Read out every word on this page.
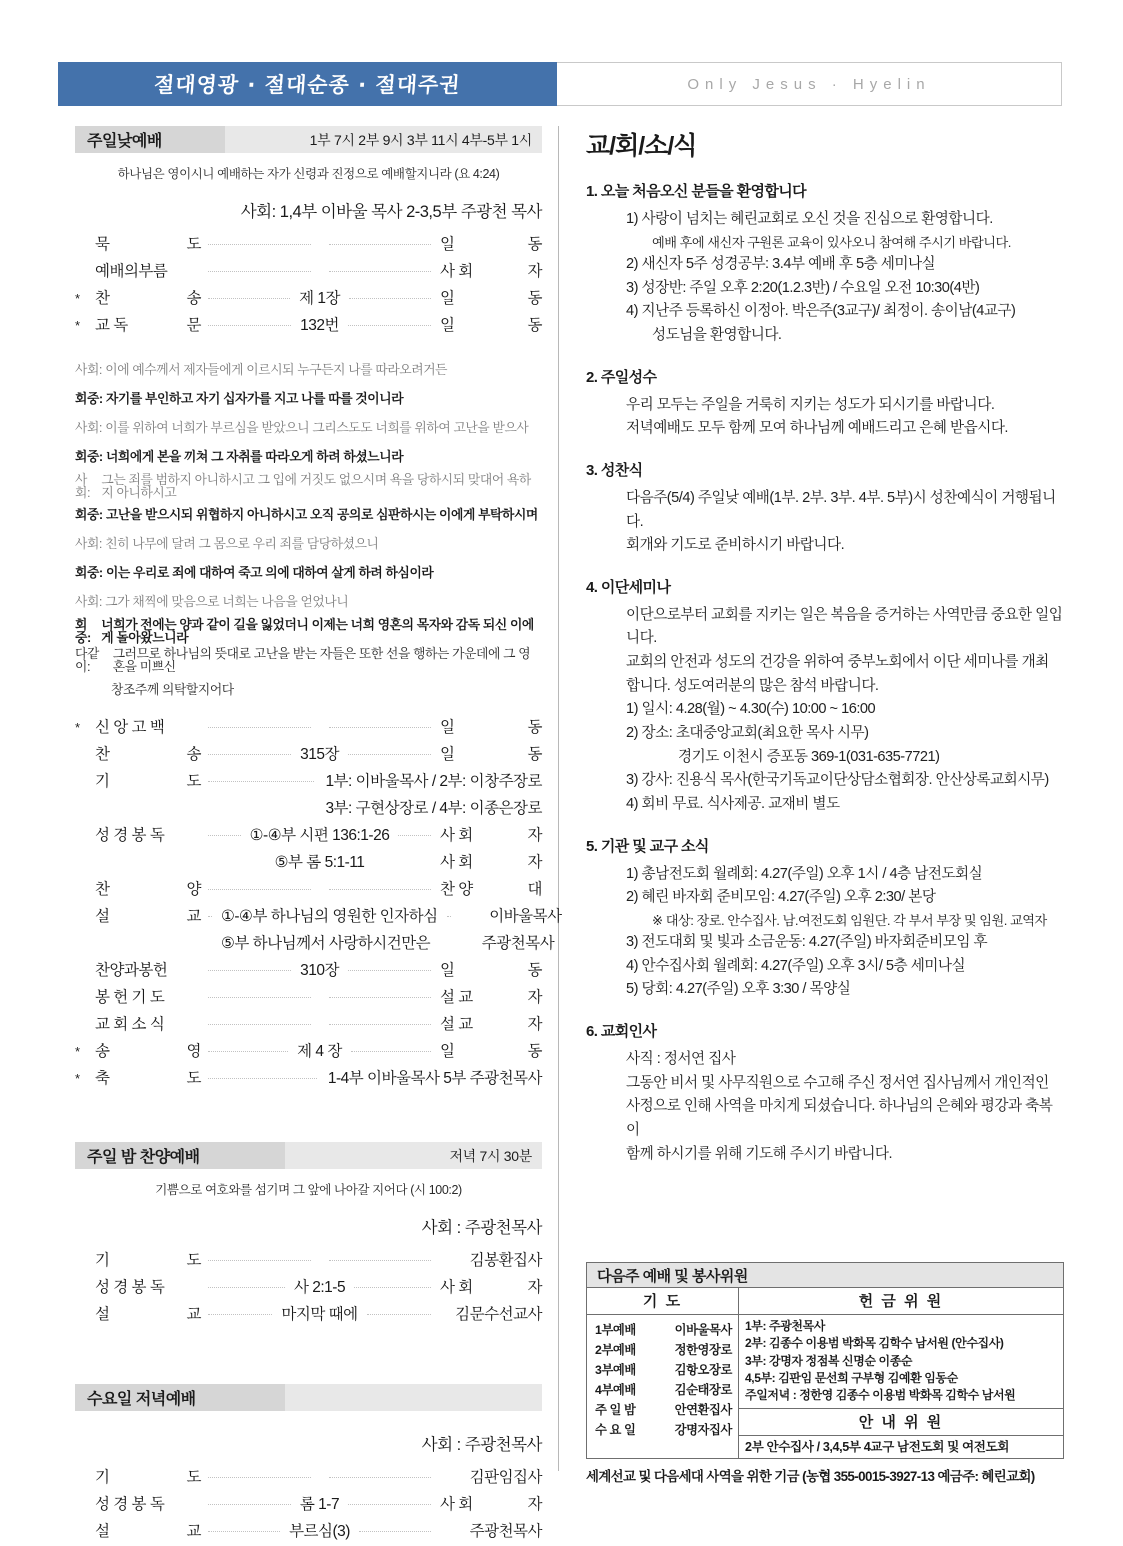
절대영광 · 절대순종 · 절대주권	Only Jesus · Hyelin
주일낮예배	1부 7시 2부 9시 3부 11시 4부-5부 1시
하나님은 영이시니 예배하는 자가 신령과 진정으로 예배할지니라 (요 4:24)
사회: 1,4부 이바울 목사 2-3,5부 주광천 목사
묵	도	일	동
예배의부름	사 회	자
* 찬	송	제 1장	일	동
* 교 독	문	132번	일	동
사회: 이에 예수께서 제자들에게 이르시되 누구든지 나를 따라오려거든
회중: 자기를 부인하고 자기 십자가를 지고 나를 따를 것이니라
사회: 이를 위하여 너희가 부르심을 받았으니 그리스도도 너희를 위하여 고난을 받으사
회중: 너희에게 본을 끼쳐 그 자취를 따라오게 하려 하셨느니라
사회:
그는 죄를 범하지 아니하시고 그 입에 거짓도 없으시며 욕을 당하시되 맞대어 욕하지 아니하시고
회중: 고난을 받으시되 위협하지 아니하시고 오직 공의로 심판하시는 이에게 부탁하시며
사회: 친히 나무에 달려 그 몸으로 우리 죄를 담당하셨으니
회중: 이는 우리로 죄에 대하여 죽고 의에 대하여 살게 하려 하심이라
사회: 그가 채찍에 맞음으로 너희는 나음을 얻었나니
회중:
너희가 전에는 양과 같이 길을 잃었더니 이제는 너희 영혼의 목자와 감독 되신 이에게 돌아왔느니라
다같이:
그러므로 하나님의 뜻대로 고난을 받는 자들은 또한 선을 행하는 가운데에 그 영혼을 미쁘신
창조주께 의탁할지어다
* 신 앙 고 백	일	동
찬	송	315장	일	동
기	도	1부: 이바울목사 / 2부: 이창주장로
3부: 구현상장로 / 4부: 이종은장로
성 경 봉 독	①-④부 시편 136:1-26	사 회	자
⑤부 롬 5:1-11	사 회	자
찬	양	찬 양	대
설	교	①-④부 하나님의 영원한 인자하심	이바울목사
⑤부 하나님께서 사랑하시건만은	주광천목사
찬양과봉헌	310장	일	동
봉 헌 기 도	설 교	자
교 회 소 식	설 교	자
* 송	영	제 4 장	일	동
* 축	도	1-4부 이바울목사 5부 주광천목사
주일 밤 찬양예배	저녁 7시 30분
기쁨으로 여호와를 섬기며 그 앞에 나아갈 지어다 (시 100:2)
사회 : 주광천목사
기	도	김봉환집사
성 경 봉 독	사 2:1-5	사 회	자
설	교	마지막 때에	김문수선교사
수요일 저녁예배
사회 : 주광천목사
기	도	김판임집사
성 경 봉 독	롬 1-7	사 회	자
설	교	부르심(3)	주광천목사
교/회/소/식
1. 오늘 처음오신 분들을 환영합니다
1) 사랑이 넘치는 혜린교회로 오신 것을 진심으로 환영합니다.
예배 후에 새신자 구원론 교육이 있사오니 참여해 주시기 바랍니다.
2) 새신자 5주 성경공부: 3.4부 예배 후 5층 세미나실
3) 성장반: 주일 오후 2:20(1.2.3반) / 수요일 오전 10:30(4반)
4) 지난주 등록하신 이정아. 박은주(3교구)/ 최정이. 송이남(4교구)
성도님을 환영합니다.
2. 주일성수
우리 모두는 주일을 거룩히 지키는 성도가 되시기를 바랍니다.
저녁예배도 모두 함께 모여 하나님께 예배드리고 은혜 받읍시다.
3. 성찬식
다음주(5/4) 주일낮 예배(1부. 2부. 3부. 4부. 5부)시 성찬예식이 거행됩니다.
회개와 기도로 준비하시기 바랍니다.
4. 이단세미나
이단으로부터 교회를 지키는 일은 복음을 증거하는 사역만큼 중요한 일입니다.
교회의 안전과 성도의 건강을 위하여 중부노회에서 이단 세미나를 개최
합니다. 성도여러분의 많은 참석 바랍니다.
1) 일시: 4.28(월) ~ 4.30(수) 10:00 ~ 16:00
2) 장소: 초대중앙교회(최요한 목사 시무)
경기도 이천시 증포동 369-1(031-635-7721)
3) 강사: 진용식 목사(한국기독교이단상담소협회장. 안산상록교회시무)
4) 회비 무료. 식사제공. 교재비 별도
5. 기관 및 교구 소식
1) 총남전도회 월례회: 4.27(주일) 오후 1시 / 4층 남전도회실
2) 혜린 바자회 준비모임: 4.27(주일) 오후 2:30/ 본당
※ 대상: 장로. 안수집사. 남.여전도회 임원단. 각 부서 부장 및 임원. 교역자
3) 전도대회 및 빛과 소금운동: 4.27(주일) 바자회준비모임 후
4) 안수집사회 월례회: 4.27(주일) 오후 3시/ 5층 세미나실
5) 당회: 4.27(주일) 오후 3:30 / 목양실
6. 교회인사
사직 : 정서연 집사
그동안 비서 및 사무직원으로 수고해 주신 정서연 집사님께서 개인적인
사정으로 인해 사역을 마치게 되셨습니다. 하나님의 은혜와 평강과 축복이
함께 하시기를 위해 기도해 주시기 바랍니다.
다음주 예배 및 봉사위원
기 도
1부예배	이바울목사
2부예배	정한영장로
3부예배	김항오장로
4부예배	김순태장로
주 일 밤	안연환집사
수 요 일	강명자집사
헌 금 위 원
1부: 주광천목사
2부: 김종수 이용범 박화목 김학수 남서원 (안수집사)
3부: 강명자 정점복 신명순 이종순
4,5부: 김판임 문선희 구부형 김예환 임동순
주일저녁 : 정한영 김종수 이용범 박화목 김학수 남서원
안 내 위 원
2부 안수집사 / 3,4,5부 4교구 남전도회 및 여전도회
세계선교 및 다음세대 사역을 위한 기금 (농협 355-0015-3927-13 예금주: 혜린교회)
